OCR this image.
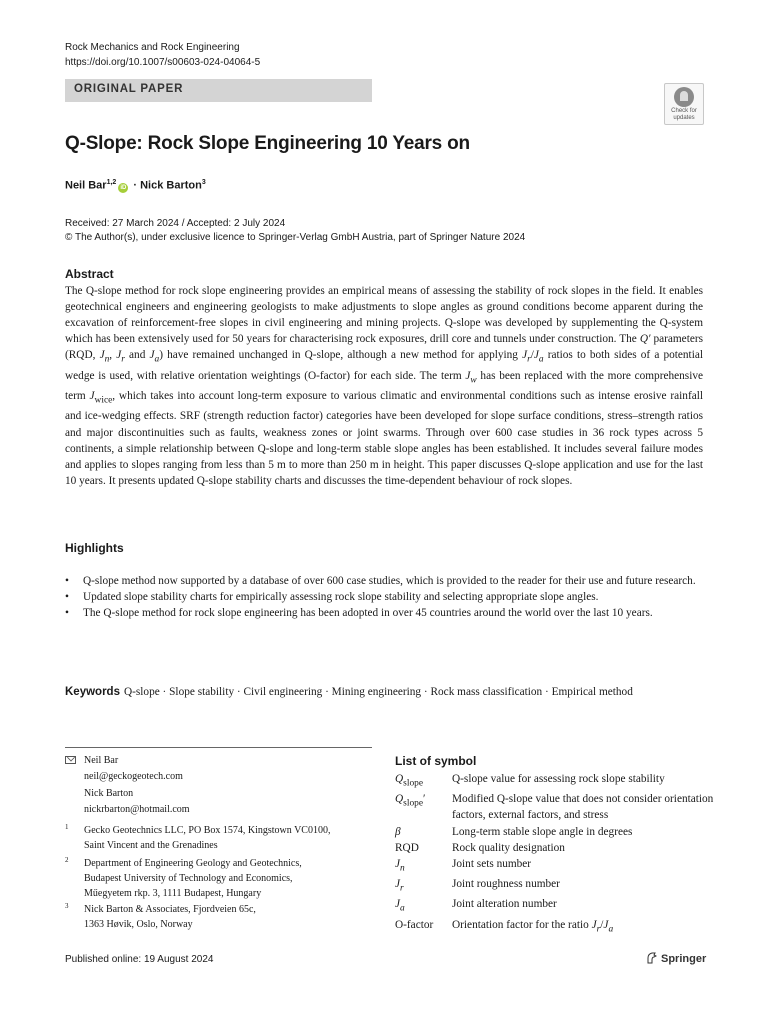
Rock Mechanics and Rock Engineering
https://doi.org/10.1007/s00603-024-04064-5
ORIGINAL PAPER
Check for updates
Q-Slope: Rock Slope Engineering 10 Years on
Neil Bar$^{1,2}$iD · Nick Barton$^3$
Received: 27 March 2024 / Accepted: 2 July 2024
© The Author(s), under exclusive licence to Springer-Verlag GmbH Austria, part of Springer Nature 2024
Abstract
The Q-slope method for rock slope engineering provides an empirical means of assessing the stability of rock slopes in the field. It enables geotechnical engineers and engineering geologists to make adjustments to slope angles as ground conditions become apparent during the excavation of reinforcement-free slopes in civil engineering and mining projects. Q-slope was developed by supplementing the Q-system which has been extensively used for 50 years for characterising rock exposures, drill core and tunnels under construction. The Q′ parameters (RQD, $J_n$, $J_r$ and $J_a$) have remained unchanged in Q-slope, although a new method for applying $J_r/J_a$ ratios to both sides of a potential wedge is used, with relative orientation weightings (O-factor) for each side. The term $J_w$ has been replaced with the more comprehensive term $J_{wice}$, which takes into account long-term exposure to various climatic and environmental conditions such as intense erosive rainfall and ice-wedging effects. SRF (strength reduction factor) categories have been developed for slope surface conditions, stress–strength ratios and major discontinuities such as faults, weakness zones or joint swarms. Through over 600 case studies in 36 rock types across 5 continents, a simple relationship between Q-slope and long-term stable slope angles has been established. It includes several failure modes and applies to slopes ranging from less than 5 m to more than 250 m in height. This paper discusses Q-slope application and use for the last 10 years. It presents updated Q-slope stability charts and discusses the time-dependent behaviour of rock slopes.
Highlights
• Q-slope method now supported by a database of over 600 case studies, which is provided to the reader for their use and future research.
• Updated slope stability charts for empirically assessing rock slope stability and selecting appropriate slope angles.
• The Q-slope method for rock slope engineering has been adopted in over 45 countries around the world over the last 10 years.
Keywords Q-slope · Slope stability · Civil engineering · Mining engineering · Rock mass classification · Empirical method
Neil Bar
neil@geckogeotech.com
Nick Barton
nickrbarton@hotmail.com
1 Gecko Geotechnics LLC, PO Box 1574, Kingstown VC0100,
Saint Vincent and the Grenadines
2 Department of Engineering Geology and Geotechnics,
Budapest University of Technology and Economics,
Műegyetem rkp. 3, 1111 Budapest, Hungary
3 Nick Barton & Associates, Fjordveien 65c,
1363 Høvik, Oslo, Norway
List of symbol
$Q_{slope}$	Q-slope value for assessing rock slope stability
$Q_{slope}'$	Modified Q-slope value that does not consider orientation factors, external factors, and stress
β	Long-term stable slope angle in degrees
RQD	Rock quality designation
$J_n$	Joint sets number
$J_r$	Joint roughness number
$J_a$	Joint alteration number
O-factor	Orientation factor for the ratio $J_r/J_a$
Published online: 19 August 2024	Springer
